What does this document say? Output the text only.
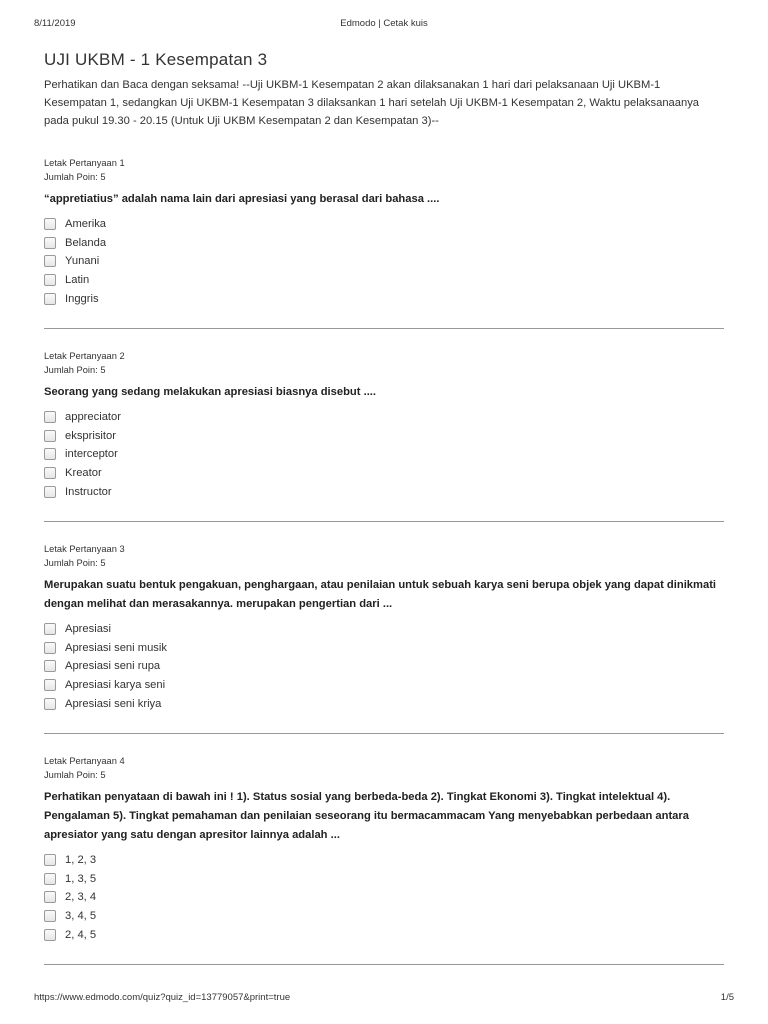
8/11/2019	Edmodo | Cetak kuis
UJI UKBM - 1 Kesempatan 3

Perhatikan dan Baca dengan seksama! --Uji UKBM-1 Kesempatan 2 akan dilaksanakan 1 hari dari pelaksanaan Uji UKBM-1 Kesempatan 1, sedangkan Uji UKBM-1 Kesempatan 3 dilaksankan 1 hari setelah Uji UKBM-1 Kesempatan 2, Waktu pelaksanaanya pada pukul 19.30 - 20.15 (Untuk Uji UKBM Kesempatan 2 dan Kesempatan 3)--

Letak Pertanyaan 1
Jumlah Poin: 5
“appretiatius” adalah nama lain dari apresiasi yang berasal dari bahasa ....
Amerika
Belanda
Yunani
Latin
Inggris
Letak Pertanyaan 2
Jumlah Poin: 5
Seorang yang sedang melakukan apresiasi biasnya disebut ....
appreciator
eksprisitor
interceptor
Kreator
Instructor
Letak Pertanyaan 3
Jumlah Poin: 5
Merupakan suatu bentuk pengakuan, penghargaan, atau penilaian untuk sebuah karya seni berupa objek yang dapat dinikmati dengan melihat dan merasakannya. merupakan pengertian dari ...
Apresiasi
Apresiasi seni musik
Apresiasi seni rupa
Apresiasi karya seni
Apresiasi seni kriya
Letak Pertanyaan 4
Jumlah Poin: 5
Perhatikan penyataan di bawah ini ! 1). Status sosial yang berbeda-beda 2). Tingkat Ekonomi 3). Tingkat intelektual 4). Pengalaman 5). Tingkat pemahaman dan penilaian seseorang itu bermacammacam Yang menyebabkan perbedaan antara apresiator yang satu dengan apresitor lainnya adalah ...
1, 2, 3
1, 3, 5
2, 3, 4
3, 4, 5
2, 4, 5
https://www.edmodo.com/quiz?quiz_id=13779057&print=true	1/5
